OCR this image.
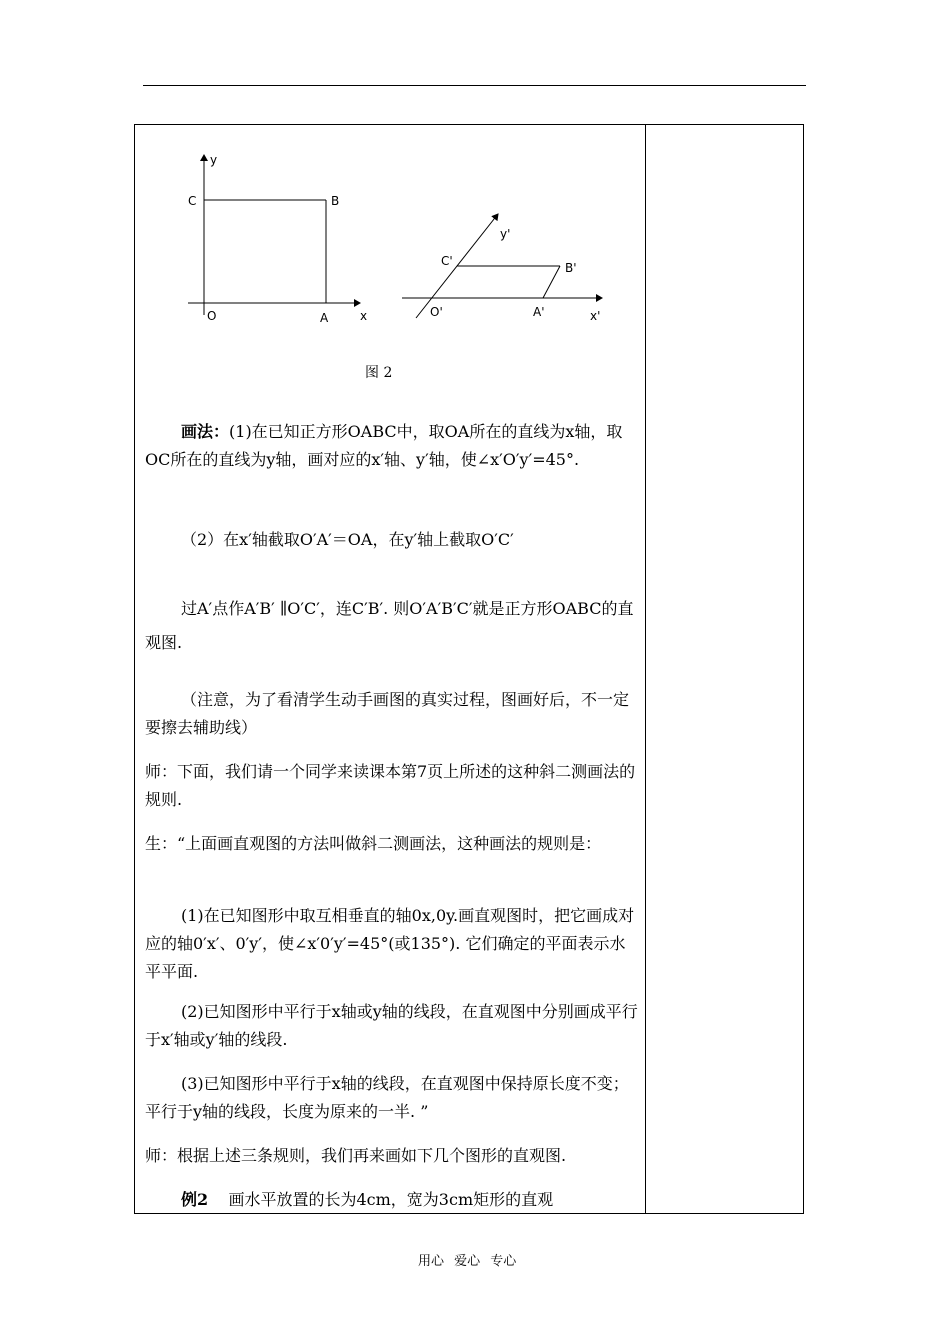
y
C	B
O	A	x
y'
C'	B'
O'	A'	x'
图 2

画法：(1)在已知正方形OABC中，取OA所在的直线为x轴，取OC所在的直线为y轴，画对应的x′轴、y′轴，使∠x′O′y′=45°.

（2）在x′轴截取O′A′＝OA，在y′轴上截取O′C′

过A′点作A′B′ ∥O′C′，连C′B′. 则O′A′B′C′就是正方形OABC的直观图.

（注意，为了看清学生动手画图的真实过程，图画好后，不一定要擦去辅助线）

师：下面，我们请一个同学来读课本第7页上所述的这种斜二测画法的规则.

生：“上面画直观图的方法叫做斜二测画法，这种画法的规则是：

(1)在已知图形中取互相垂直的轴0x,0y.画直观图时，把它画成对应的轴0′x′、0′y′，使∠x′0′y′=45°(或135°). 它们确定的平面表示水平平面.

(2)已知图形中平行于x轴或y轴的线段，在直观图中分别画成平行于x′轴或y′轴的线段.

(3)已知图形中平行于x轴的线段，在直观图中保持原长度不变；平行于y轴的线段，长度为原来的一半. ”

师：根据上述三条规则，我们再来画如下几个图形的直观图.

例2 画水平放置的长为4cm，宽为3cm矩形的直观

用心 爱心 专心
